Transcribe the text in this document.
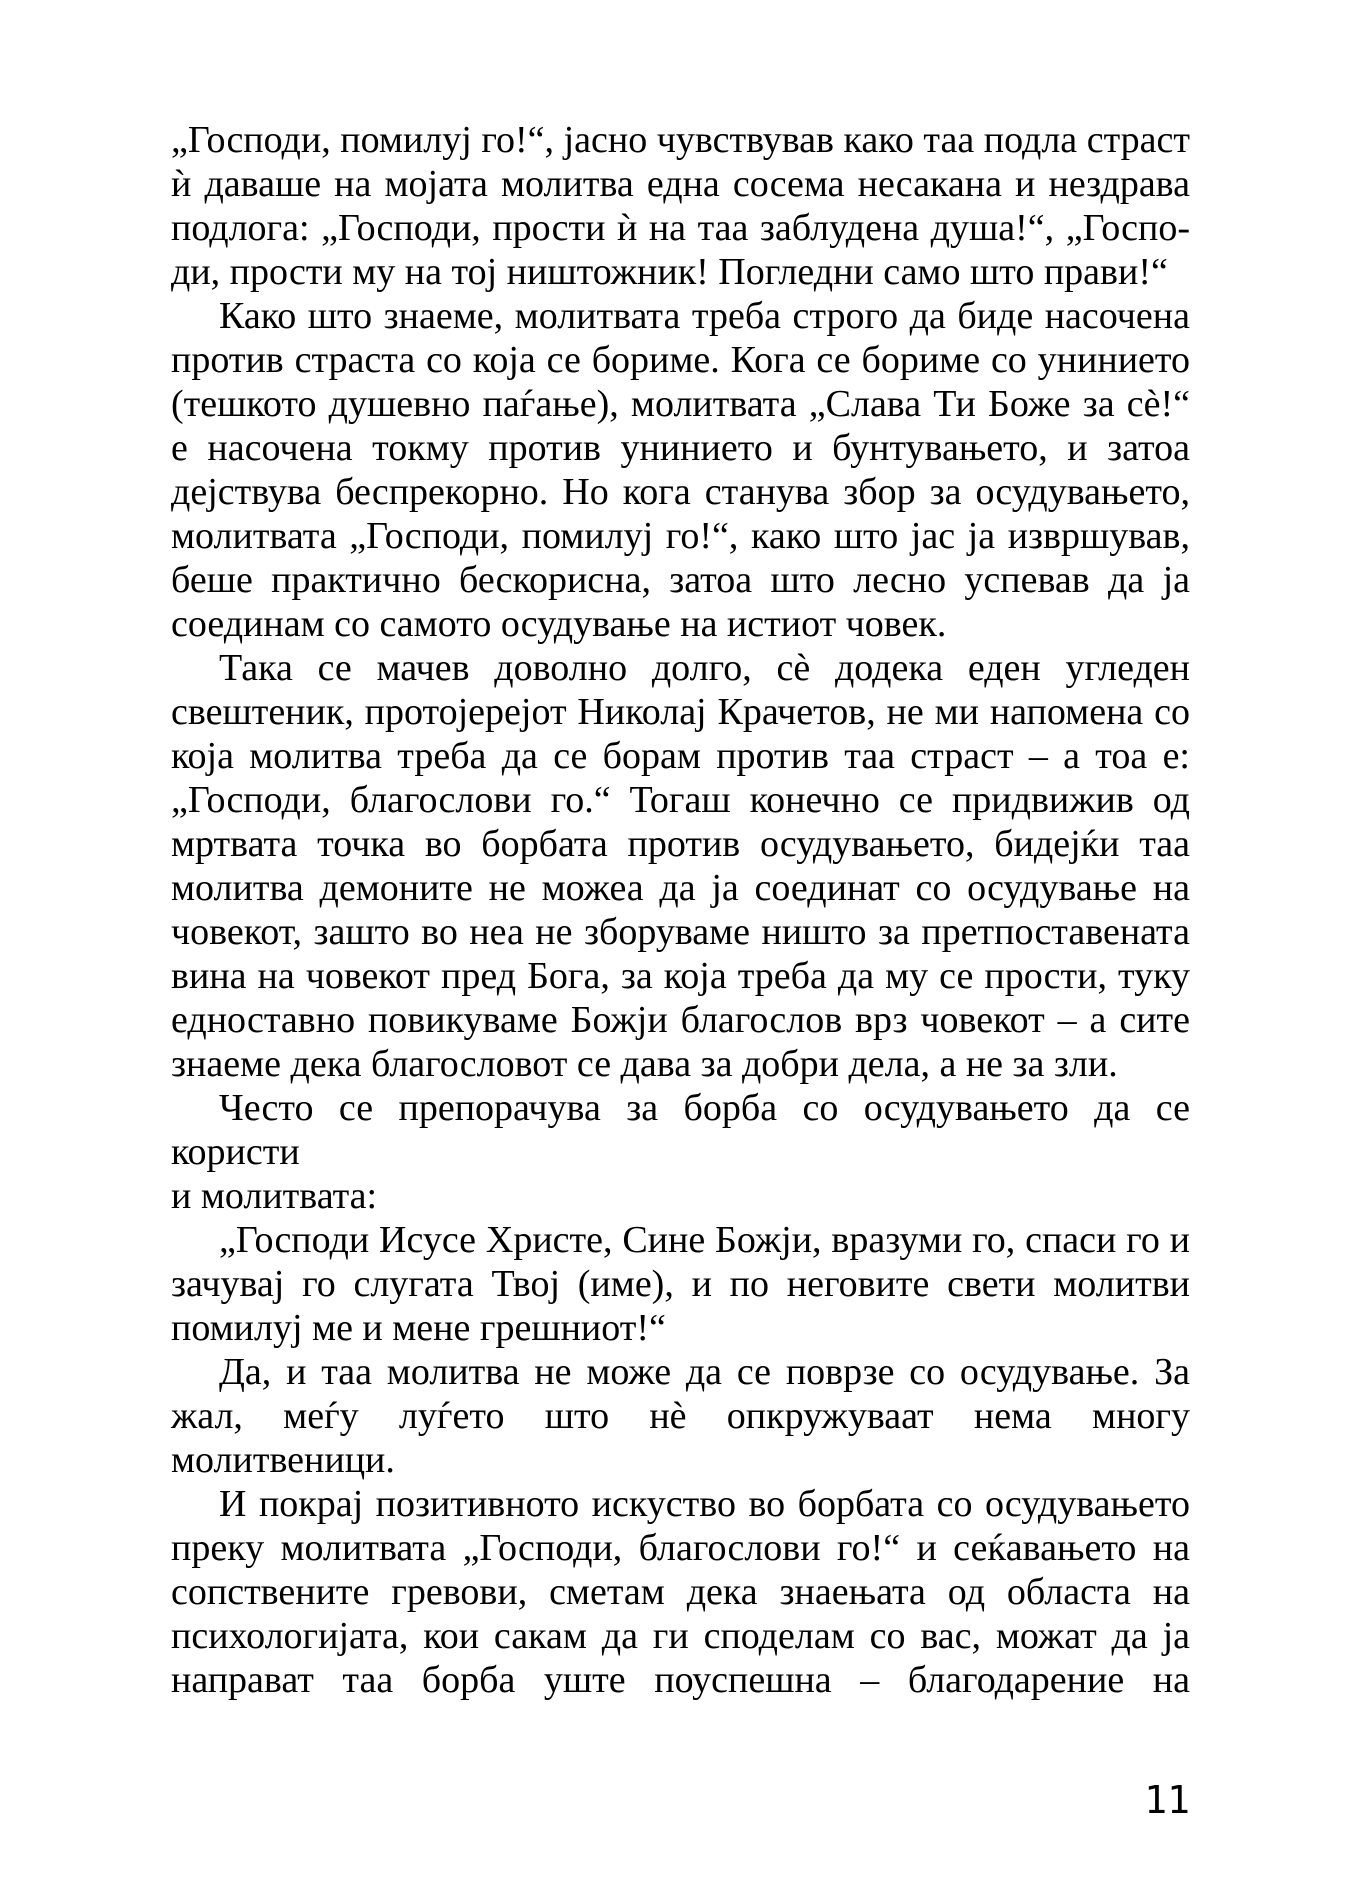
„Господи, помилуј го!“, јасно чувствував како таа подла страст
ѝ даваше на мојата молитва една сосема несакана и нездрава
подлога: „Господи, прости ѝ на таа заблудена душа!“, „Госпо-
ди, прости му на тој ништожник! Погледни само што прави!“
Како што знаеме, молитвата треба строго да биде насочена
против страста со која се бориме. Кога се бориме со унинието
(тешкото душевно паѓање), молитвата „Слава Ти Боже за сѐ!“
е насочена токму против унинието и бунтувањето, и затоа
дејствува беспрекорно. Но кога станува збор за осудувањето,
молитвата „Господи, помилуј го!“, како што јас ја извршував,
беше практично бескорисна, затоа што лесно успевав да ја
соединам со самото осудување на истиот човек.
Така се мачев доволно долго, сѐ додека еден угледен
свештеник, протојерејот Николај Крачетов, не ми напомена со
која молитва треба да се борам против таа страст – а тоа е:
„Господи, благослови го.“ Тогаш конечно се придвижив од
мртвата точка во борбата против осудувањето, бидејќи таа
молитва демоните не можеа да ја соединат со осудување на
човекот, зашто во неа не зборуваме ништо за претпоставената
вина на човекот пред Бога, за која треба да му се прости, туку
едноставно повикуваме Божји благослов врз човекот – а сите
знаеме дека благословот се дава за добри дела, а не за зли.
Често се препорачува за борба со осудувањето да се користи
и молитвата:
„Господи Исусе Христе, Сине Божји, вразуми го, спаси го и
зачувај го слугата Твој (име), и по неговите свети молитви
помилуј ме и мене грешниот!“
Да, и таа молитва не може да се поврзе со осудување. За
жал, меѓу луѓето што нѐ опкружуваат нема многу
молитвеници.
И покрај позитивното искуство во борбата со осудувањето
преку молитвата „Господи, благослови го!“ и сеќавањето на
сопствените гревови, сметам дека знаењата од областа на
психологијата, кои сакам да ги споделам со вас, можат да ја
направат таа борба уште поуспешна – благодарение на
11
